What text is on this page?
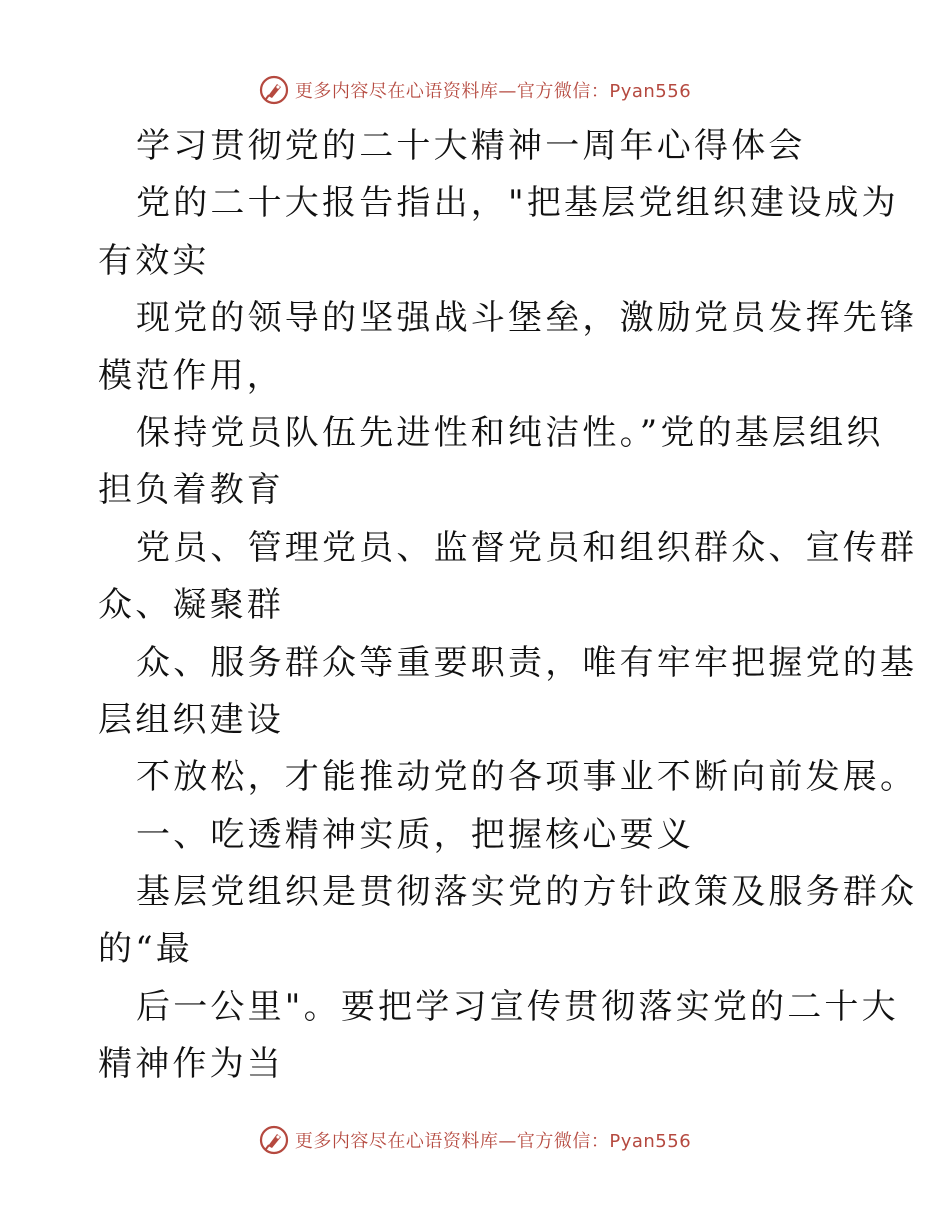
更多内容尽在心语资料库—官方微信：Pyan556
学习贯彻党的二十大精神一周年心得体会
党的二十大报告指出，"把基层党组织建设成为
有效实
现党的领导的坚强战斗堡垒，激励党员发挥先锋
模范作用，
保持党员队伍先进性和纯洁性。”党的基层组织
担负着教育
党员、管理党员、监督党员和组织群众、宣传群
众、凝聚群
众、服务群众等重要职责，唯有牢牢把握党的基
层组织建设
不放松，才能推动党的各项事业不断向前发展。
一、吃透精神实质，把握核心要义
基层党组织是贯彻落实党的方针政策及服务群众
的“最
后一公里"。要把学习宣传贯彻落实党的二十大
精神作为当
更多内容尽在心语资料库—官方微信：Pyan556
